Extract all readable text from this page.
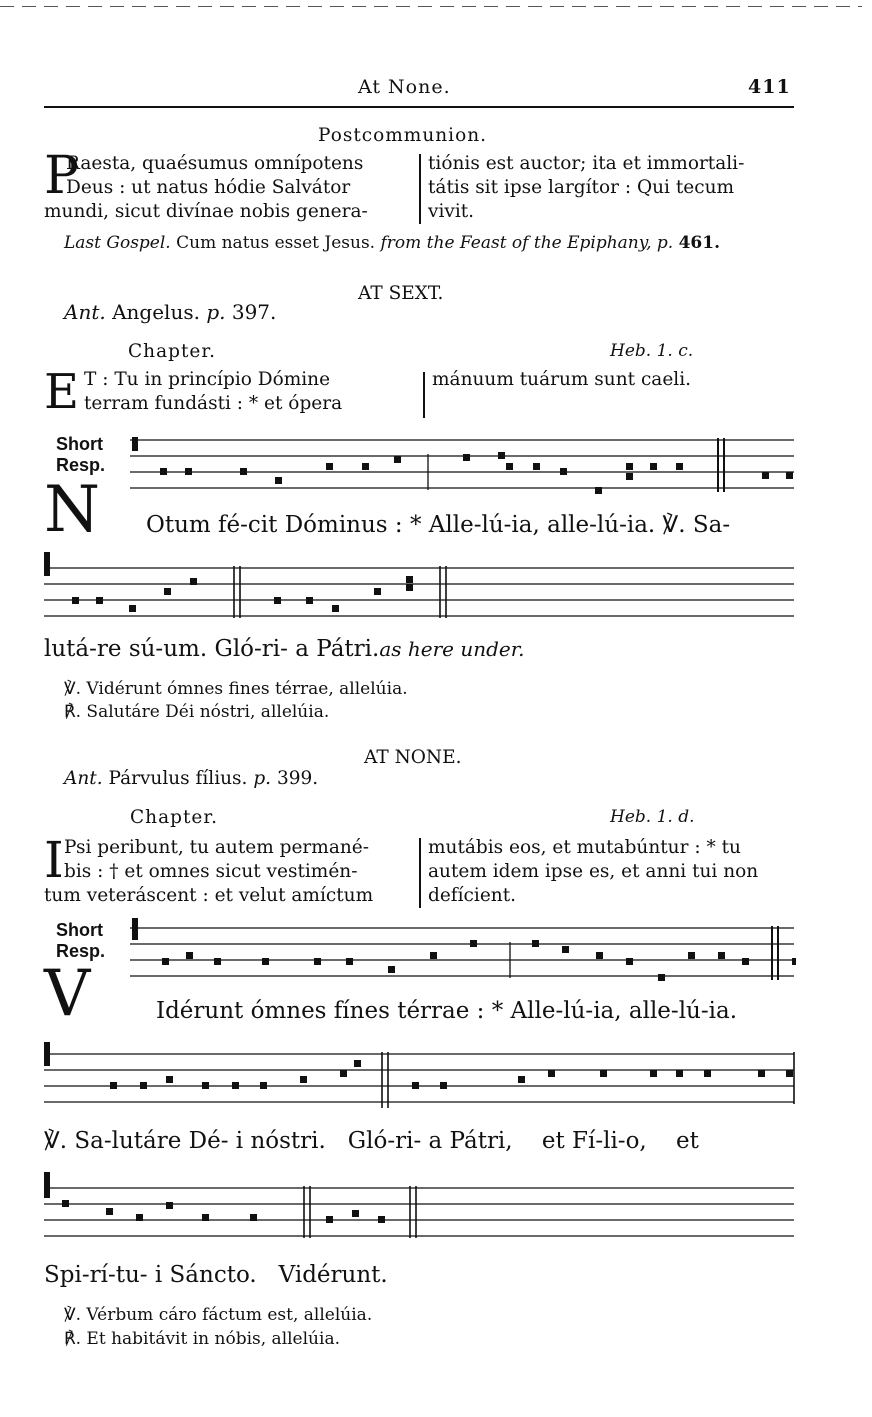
At None.	411
Postcommunion.
P
Raesta, quaésumus omnípotens
Deus : ut natus hódie Salvátor
mundi, sicut divínae nobis genera-
tiónis est auctor; ita et immortali-
tátis sit ipse largítor : Qui tecum
vivit.
Last Gospel. Cum natus esset Jesus. from the Feast of the Epiphany, p. 461.
AT SEXT.
Ant. Angelus. p. 397.
Chapter.	Heb. 1. c.
E T : Tu in princípio Dómine
terram fundásti : * et ópera
mánuum tuárum sunt caeli.
Short
Resp.
N Otum fé-cit Dóminus : * Alle-lú-ia, alle-lú-ia. ℣. Sa-
lutá-re sú-um. Gló-ri- a Pátri.as here under.
℣. Vidérunt ómnes fines térrae, allelúia.
℟. Salutáre Déi nóstri, allelúia.
AT NONE.
Ant. Párvulus fílius. p. 399.
Chapter.	Heb. 1. d.
I Psi peribunt, tu autem permané-
bis : † et omnes sicut vestimén-
tum veteráscent : et velut amíctum
mutábis eos, et mutabúntur : * tu
autem idem ipse es, et anni tui non
defícient.
Short
Resp.
V	Idérunt ómnes fínes térrae : * Alle-lú-ia, alle-lú-ia.
℣. Sa-lutáre Dé- i nóstri.   Gló-ri- a Pátri,    et Fí-li-o,    et
Spi-rí-tu- i Sáncto.   Vidérunt.
℣. Vérbum cáro fáctum est, allelúia.
℟. Et habitávit in nóbis, allelúia.
